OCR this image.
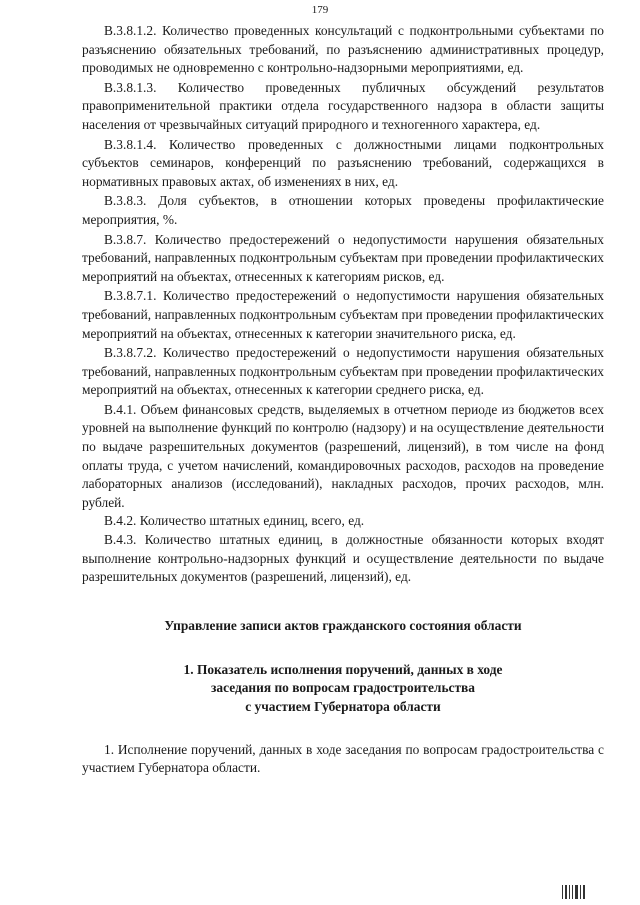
179

В.3.8.1.2. Количество проведенных консультаций с подконтрольными субъектами по разъяснению обязательных требований, по разъяснению административных процедур, проводимых не одновременно с контрольно-надзорными мероприятиями, ед.

В.3.8.1.3. Количество проведенных публичных обсуждений результатов правоприменительной практики отдела государственного надзора в области защиты населения от чрезвычайных ситуаций природного и техногенного характера, ед.

В.3.8.1.4. Количество проведенных с должностными лицами подконтрольных субъектов семинаров, конференций по разъяснению требований, содержащихся в нормативных правовых актах, об изменениях в них, ед.

В.3.8.3. Доля субъектов, в отношении которых проведены профилактические мероприятия, %.

В.3.8.7. Количество предостережений о недопустимости нарушения обязательных требований, направленных подконтрольным субъектам при проведении профилактических мероприятий на объектах, отнесенных к категориям рисков, ед.

В.3.8.7.1. Количество предостережений о недопустимости нарушения обязательных требований, направленных подконтрольным субъектам при проведении профилактических мероприятий на объектах, отнесенных к категории значительного риска, ед.

В.3.8.7.2. Количество предостережений о недопустимости нарушения обязательных требований, направленных подконтрольным субъектам при проведении профилактических мероприятий на объектах, отнесенных к категории среднего риска, ед.

В.4.1. Объем финансовых средств, выделяемых в отчетном периоде из бюджетов всех уровней на выполнение функций по контролю (надзору) и на осуществление деятельности по выдаче разрешительных документов (разрешений, лицензий), в том числе на фонд оплаты труда, с учетом начислений, командировочных расходов, расходов на проведение лабораторных анализов (исследований), накладных расходов, прочих расходов, млн. рублей.

В.4.2. Количество штатных единиц, всего, ед.

В.4.3. Количество штатных единиц, в должностные обязанности которых входят выполнение контрольно-надзорных функций и осуществление деятельности по выдаче разрешительных документов (разрешений, лицензий), ед.

Управление записи актов гражданского состояния области
1. Показатель исполнения поручений, данных в ходе
заседания по вопросам градостроительства
с участием Губернатора области

1. Исполнение поручений, данных в ходе заседания по вопросам градостроительства с участием Губернатора области.
